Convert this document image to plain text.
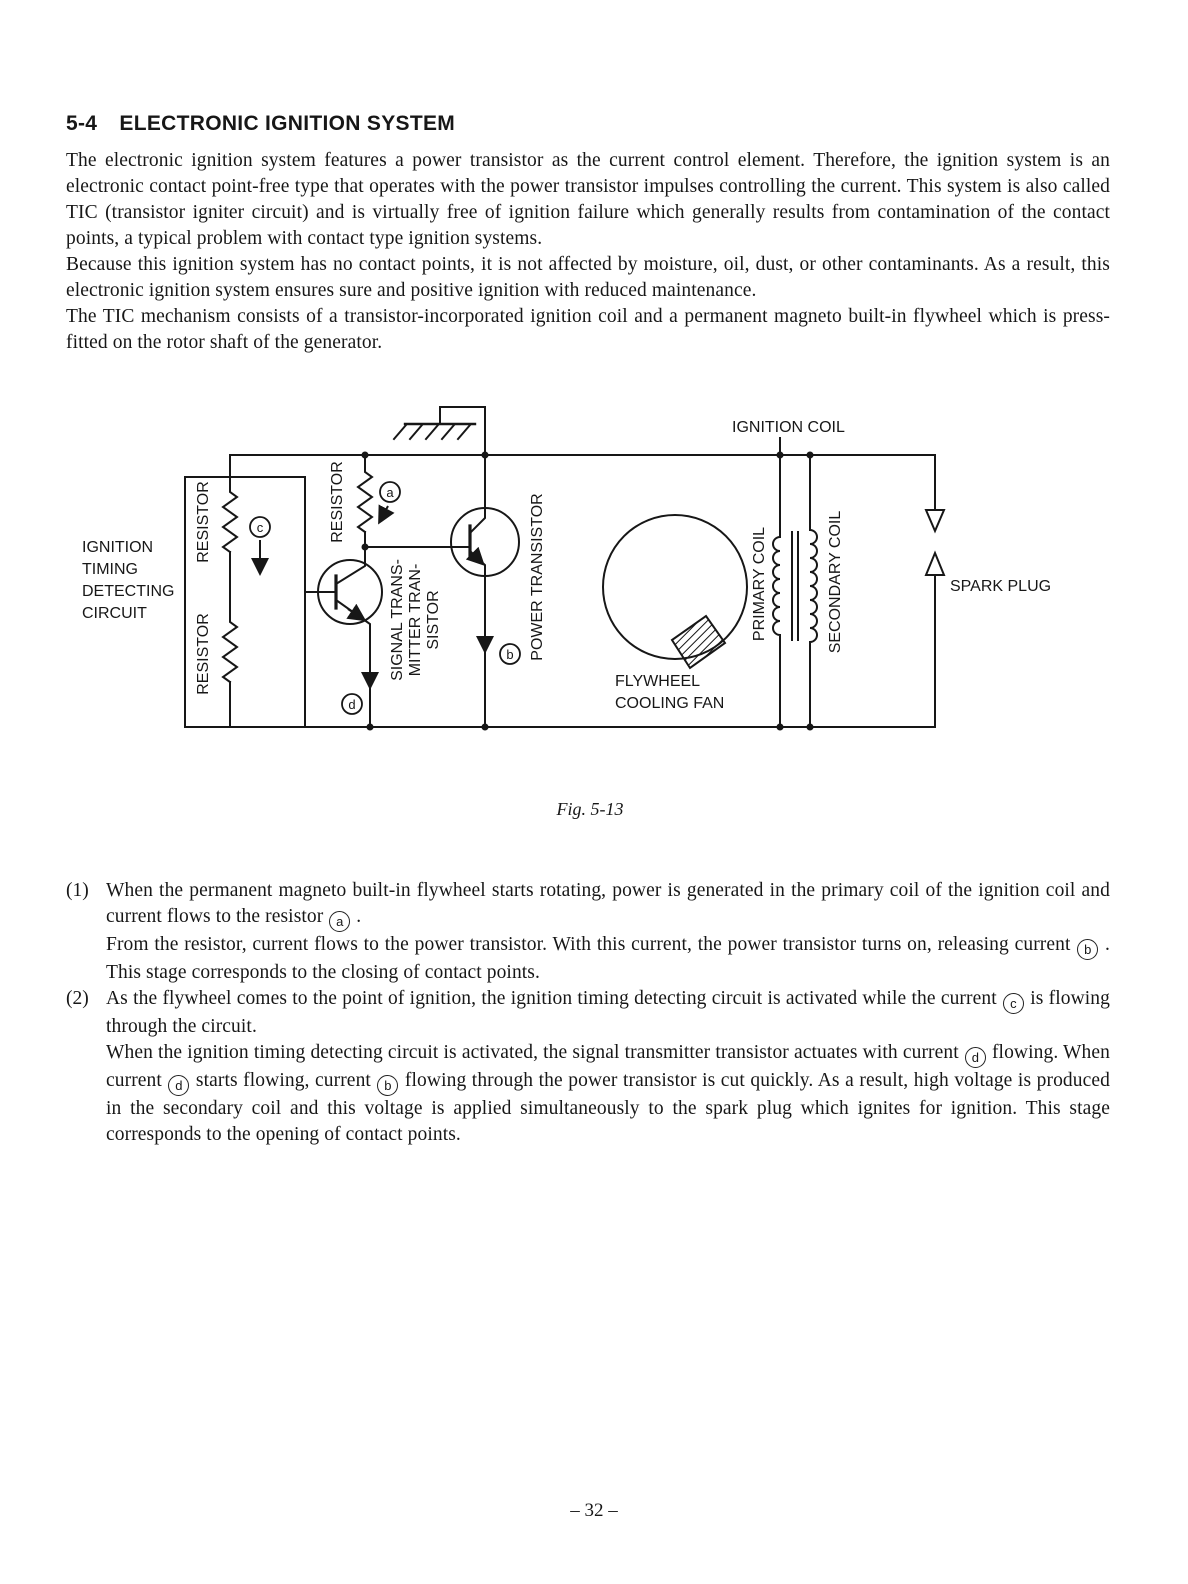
5-4 ELECTRONIC IGNITION SYSTEM

The electronic ignition system features a power transistor as the current control element. Therefore, the ignition system is an electronic contact point-free type that operates with the power transistor impulses controlling the current. This system is also called TIC (transistor igniter circuit) and is virtually free of ignition failure which generally results from contamination of the contact points, a typical problem with contact type ignition systems.

Because this ignition system has no contact points, it is not affected by moisture, oil, dust, or other contaminants. As a result, this electronic ignition system ensures sure and positive ignition with reduced maintenance.

The TIC mechanism consists of a transistor-incorporated ignition coil and a permanent magneto built-in flywheel which is press-fitted on the rotor shaft of the generator.

IGNITION
TIMING
DETECTING
CIRCUIT
RESISTOR
RESISTOR
RESISTOR
SIGNAL TRANS- MITTER TRAN- SISTOR	POWER TRANSISTOR
IGNITION COIL
PRIMARY COIL	SECONDARY COIL	SPARK PLUG
FLYWHEEL
COOLING FAN
c
a
d
b
Fig. 5-13
(1) When the permanent magneto built-in flywheel starts rotating, power is generated in the primary coil of the ignition coil and current flows to the resistor a .
From the resistor, current flows to the power transistor. With this current, the power transistor turns on, releasing current b . This stage corresponds to the closing of contact points.
(2) As the flywheel comes to the point of ignition, the ignition timing detecting circuit is activated while the current c is flowing through the circuit.
When the ignition timing detecting circuit is activated, the signal transmitter transistor actuates with current d flowing. When current d starts flowing, current b flowing through the power transistor is cut quickly. As a result, high voltage is produced in the secondary coil and this voltage is applied simultaneously to the spark plug which ignites for ignition. This stage corresponds to the opening of contact points.
– 32 –
